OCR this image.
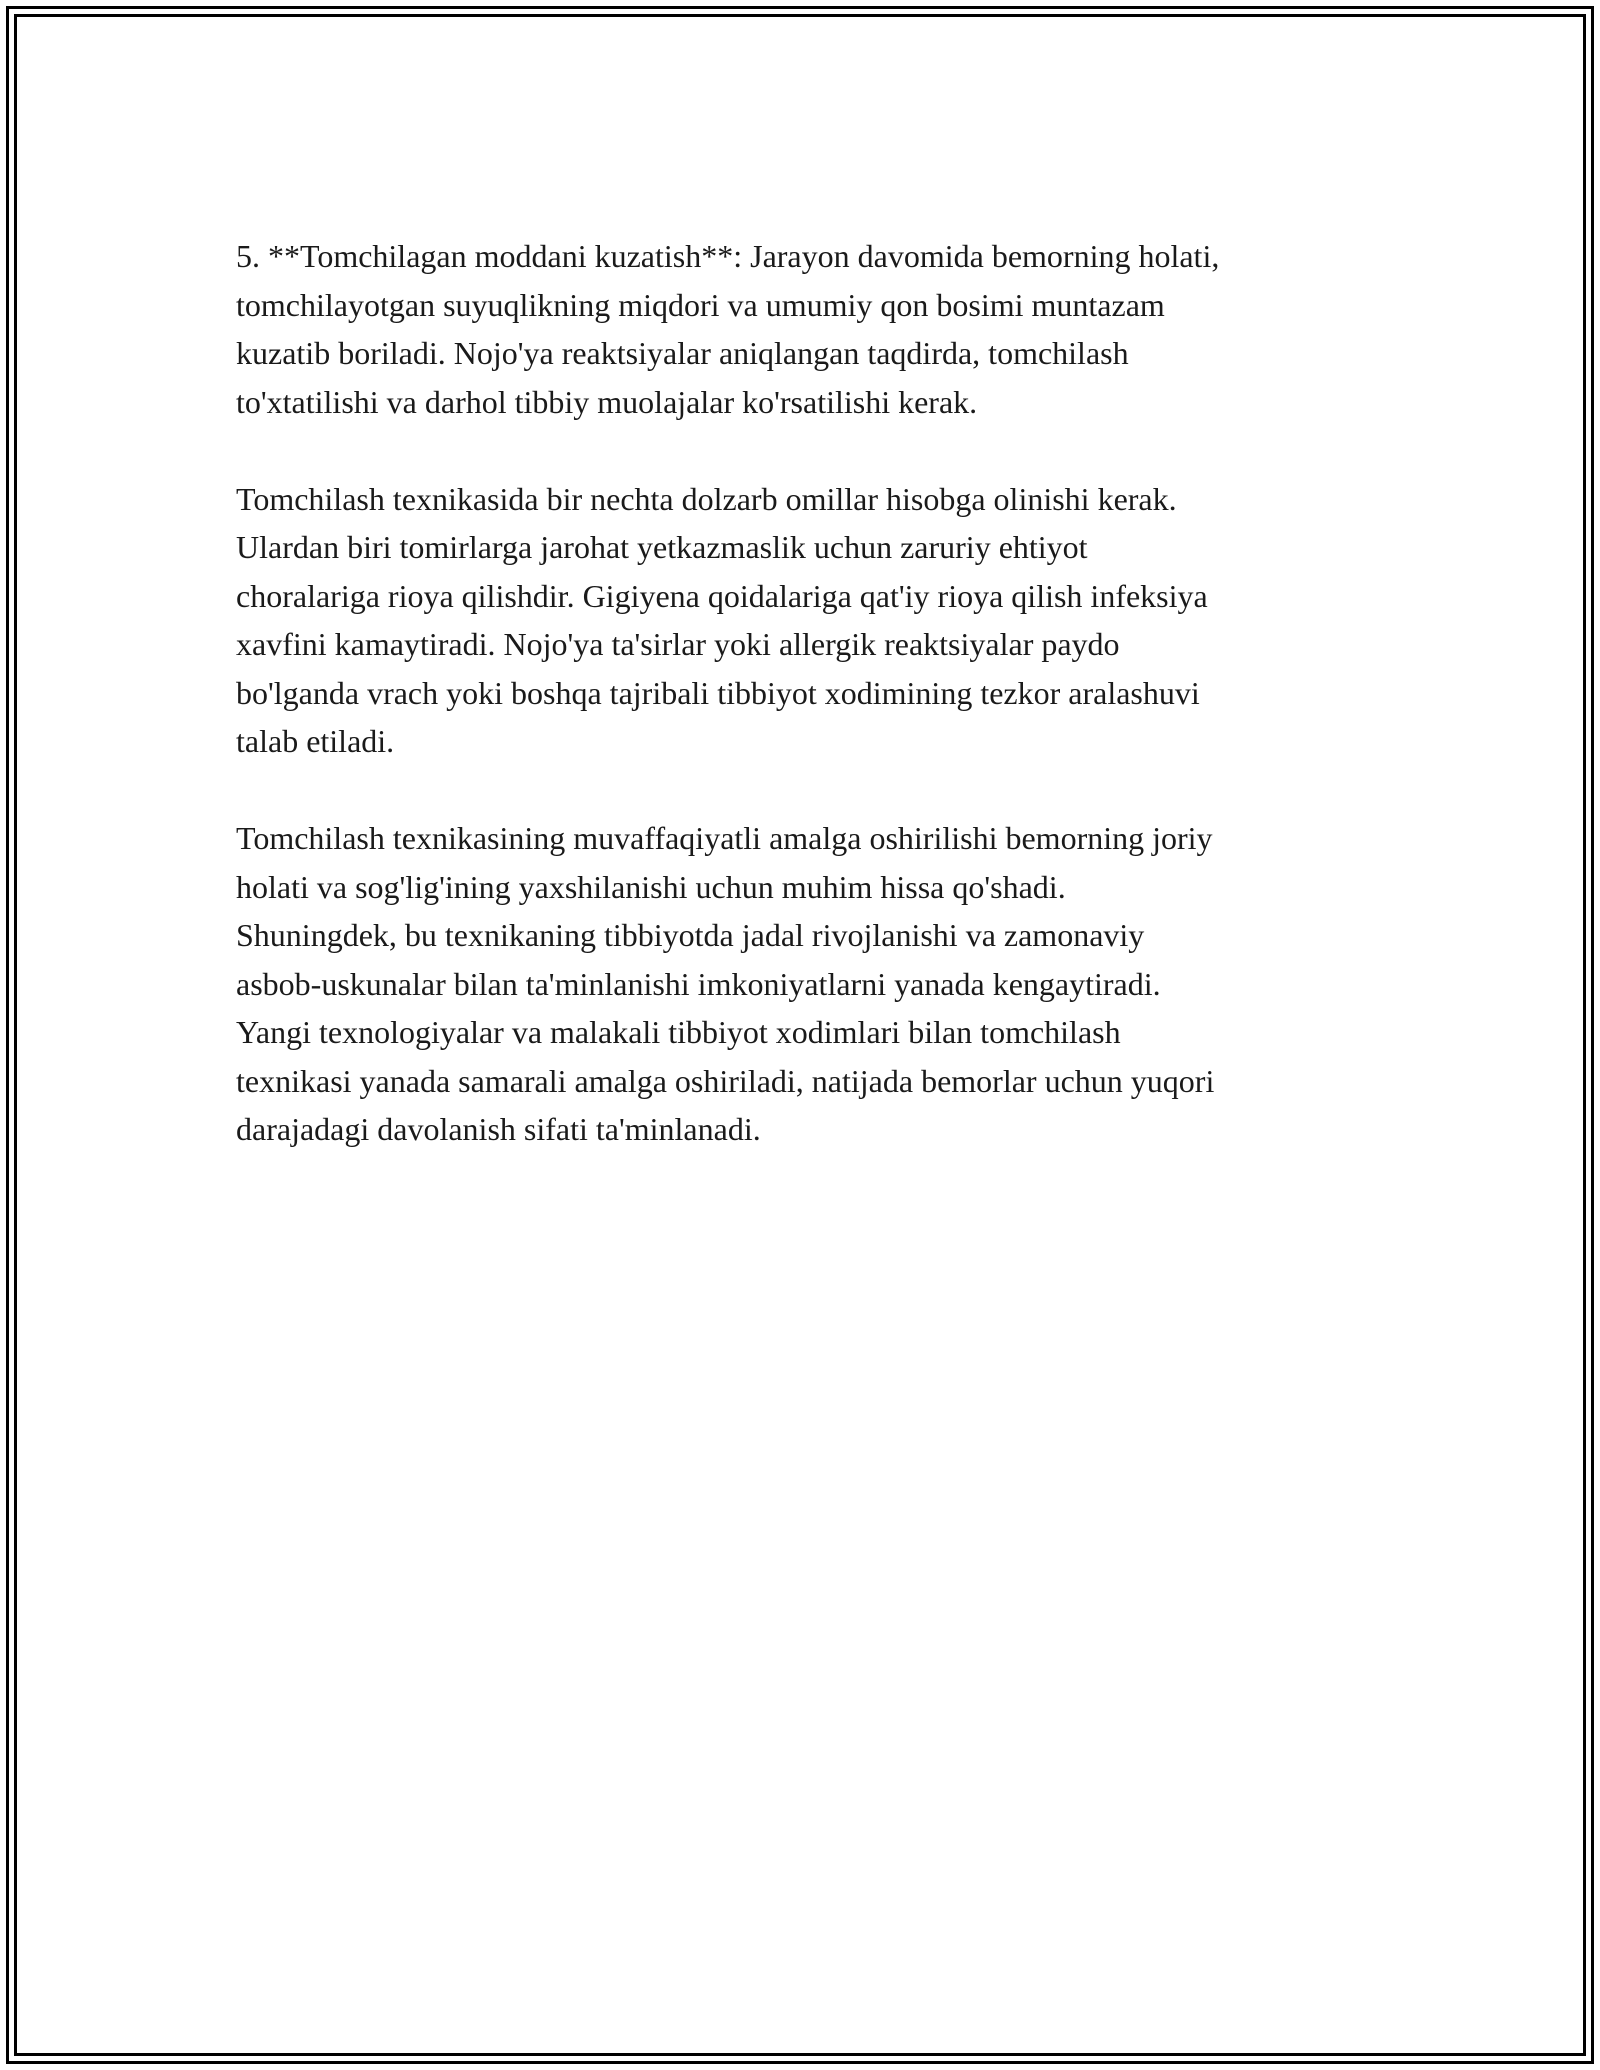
5. **Tomchilagan moddani kuzatish**: Jarayon davomida bemorning holati,
tomchilayotgan suyuqlikning miqdori va umumiy qon bosimi muntazam
kuzatib boriladi. Nojo'ya reaktsiyalar aniqlangan taqdirda, tomchilash
to'xtatilishi va darhol tibbiy muolajalar ko'rsatilishi kerak.

Tomchilash texnikasida bir nechta dolzarb omillar hisobga olinishi kerak.
Ulardan biri tomirlarga jarohat yetkazmaslik uchun zaruriy ehtiyot
choralariga rioya qilishdir. Gigiyena qoidalariga qat'iy rioya qilish infeksiya
xavfini kamaytiradi. Nojo'ya ta'sirlar yoki allergik reaktsiyalar paydo
bo'lganda vrach yoki boshqa tajribali tibbiyot xodimining tezkor aralashuvi
talab etiladi.

Tomchilash texnikasining muvaffaqiyatli amalga oshirilishi bemorning joriy
holati va sog'lig'ining yaxshilanishi uchun muhim hissa qo'shadi.
Shuningdek, bu texnikaning tibbiyotda jadal rivojlanishi va zamonaviy
asbob-uskunalar bilan ta'minlanishi imkoniyatlarni yanada kengaytiradi.
Yangi texnologiyalar va malakali tibbiyot xodimlari bilan tomchilash
texnikasi yanada samarali amalga oshiriladi, natijada bemorlar uchun yuqori
darajadagi davolanish sifati ta'minlanadi.
